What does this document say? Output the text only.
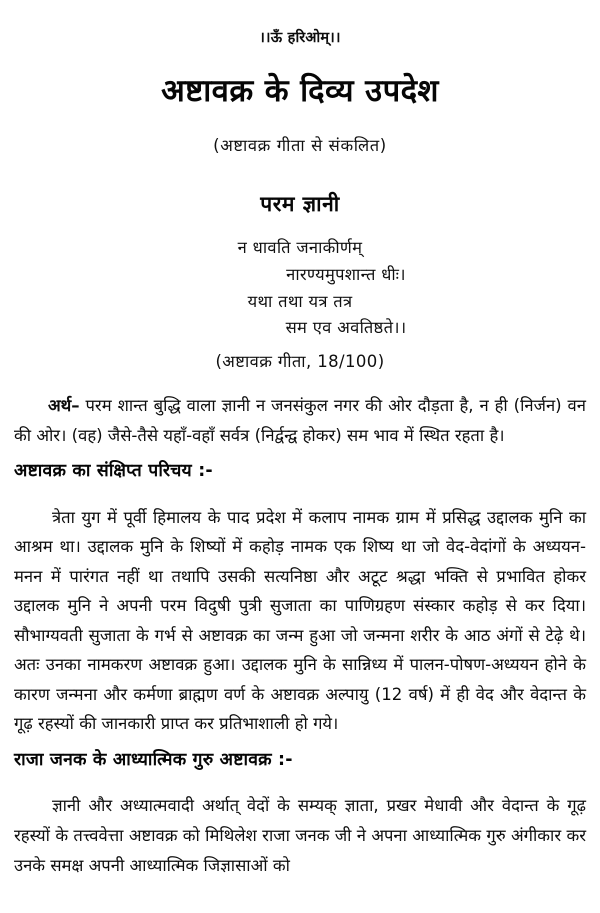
।।ऊँ हरिओम्।।
अष्टावक्र के दिव्य उपदेश
(अष्टावक्र गीता से संकलित)
परम ज्ञानी
न धावति जनाकीर्णम्
नारण्यमुपशान्त धीः।
यथा तथा यत्र तत्र
सम एव अवतिष्ठते।।
(अष्टावक्र गीता, 18/100)

अर्थ– परम शान्त बुद्धि वाला ज्ञानी न जनसंकुल नगर की ओर दौड़ता है, न ही (निर्जन) वन की ओर। (वह) जैसे-तैसे यहाँ-वहाँ सर्वत्र (निर्द्वन्द्व होकर) सम भाव में स्थित रहता है।

अष्टावक्र का संक्षिप्त परिचय :-

त्रेता युग में पूर्वी हिमालय के पाद प्रदेश में कलाप नामक ग्राम में प्रसिद्ध उद्दालक मुनि का आश्रम था। उद्दालक मुनि के शिष्यों में कहोड़ नामक एक शिष्य था जो वेद-वेदांगों के अध्ययन-मनन में पारंगत नहीं था तथापि उसकी सत्यनिष्ठा और अटूट श्रद्धा भक्ति से प्रभावित होकर उद्दालक मुनि ने अपनी परम विदुषी पुत्री सुजाता का पाणिग्रहण संस्कार कहोड़ से कर दिया। सौभाग्यवती सुजाता के गर्भ से अष्टावक्र का जन्म हुआ जो जन्मना शरीर के आठ अंगों से टेढ़े थे। अतः उनका नामकरण अष्टावक्र हुआ। उद्दालक मुनि के सान्निध्य में पालन-पोषण-अध्ययन होने के कारण जन्मना और कर्मणा ब्राह्मण वर्ण के अष्टावक्र अल्पायु (12 वर्ष) में ही वेद और वेदान्त के गूढ़ रहस्यों की जानकारी प्राप्त कर प्रतिभाशाली हो गये।

राजा जनक के आध्यात्मिक गुरु अष्टावक्र :-

ज्ञानी और अध्यात्मवादी अर्थात् वेदों के सम्यक् ज्ञाता, प्रखर मेधावी और वेदान्त के गूढ़ रहस्यों के तत्त्ववेत्ता अष्टावक्र को मिथिलेश राजा जनक जी ने अपना आध्यात्मिक गुरु अंगीकार कर उनके समक्ष अपनी आध्यात्मिक जिज्ञासाओं को
